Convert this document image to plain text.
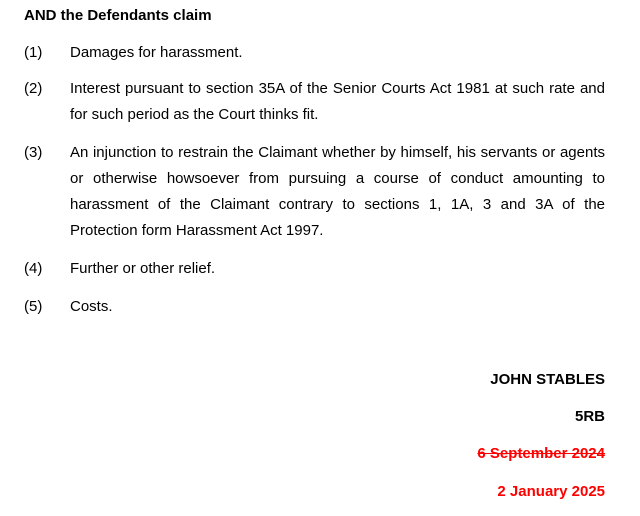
AND the Defendants claim

(1)	Damages for harassment.
(2)	Interest pursuant to section 35A of the Senior Courts Act 1981 at such rate and for such period as the Court thinks fit.
(3)	An injunction to restrain the Claimant whether by himself, his servants or agents or otherwise howsoever from pursuing a course of conduct amounting to harassment of the Claimant contrary to sections 1, 1A, 3 and 3A of the Protection form Harassment Act 1997.
(4)	Further or other relief.
(5)	Costs.

JOHN STABLES

5RB

6 September 2024

2 January 2025
